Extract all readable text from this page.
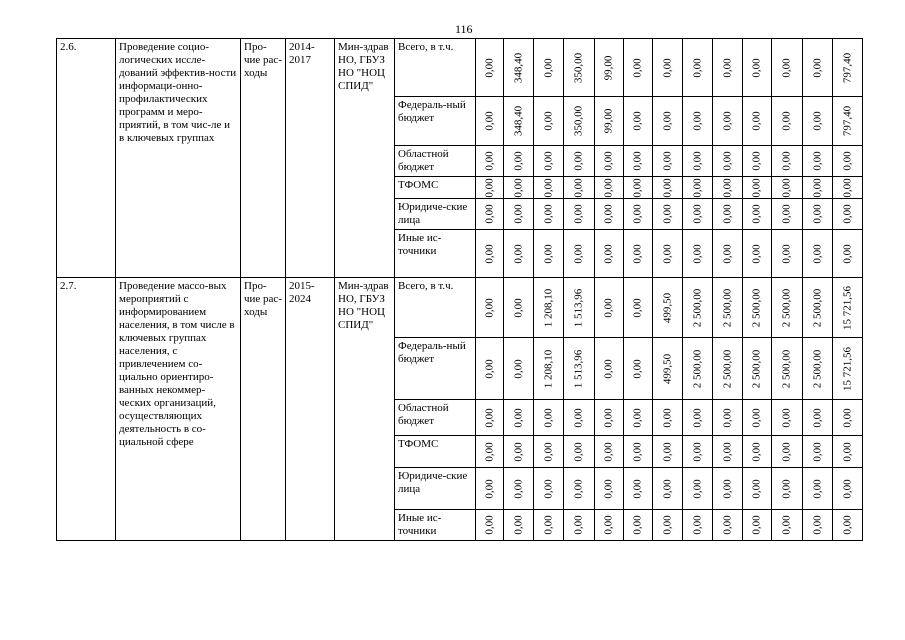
116
2.6.	Проведение социо-логических иссле-дований эффектив-ности информаци-онно-профилактических программ и меро-приятий, в том чис-ле и в ключевых группах	Про-чие рас-ходы	2014-2017	Мин-здрав НО, ГБУЗ НО "НОЦ СПИД"	Всего, в т.ч.	0,00	348,40	0,00	350,00	99,00	0,00	0,00	0,00	0,00	0,00	0,00	0,00	797,40

					Федераль-ный бюджет	0,00	348,40	0,00	350,00	99,00	0,00	0,00	0,00	0,00	0,00	0,00	0,00	797,40

					Областной бюджет	0,00	0,00	0,00	0,00	0,00	0,00	0,00	0,00	0,00	0,00	0,00	0,00	0,00

					ТФОМС	0,00	0,00	0,00	0,00	0,00	0,00	0,00	0,00	0,00	0,00	0,00	0,00	0,00

					Юридиче-ские лица	0,00	0,00	0,00	0,00	0,00	0,00	0,00	0,00	0,00	0,00	0,00	0,00	0,00

					Иные ис-точники	0,00	0,00	0,00	0,00	0,00	0,00	0,00	0,00	0,00	0,00	0,00	0,00	0,00

2.7.	Проведение массо-вых мероприятий с информированием населения, в том числе в ключевых группах населения, с привлечением со-циально ориентиро-ванных некоммер-ческих организаций, осуществляющих деятельность в со-циальной сфере	Про-чие рас-ходы	2015-2024	Мин-здрав НО, ГБУЗ НО "НОЦ СПИД"	Всего, в т.ч.	0,00	0,00	1 208,10	1 513,96	0,00	0,00	499,50	2 500,00	2 500,00	2 500,00	2 500,00	2 500,00	15 721,56

					Федераль-ный бюджет	0,00	0,00	1 208,10	1 513,96	0,00	0,00	499,50	2 500,00	2 500,00	2 500,00	2 500,00	2 500,00	15 721,56

					Областной бюджет	0,00	0,00	0,00	0,00	0,00	0,00	0,00	0,00	0,00	0,00	0,00	0,00	0,00

					ТФОМС	0,00	0,00	0,00	0,00	0,00	0,00	0,00	0,00	0,00	0,00	0,00	0,00	0,00

					Юридиче-ские лица	0,00	0,00	0,00	0,00	0,00	0,00	0,00	0,00	0,00	0,00	0,00	0,00	0,00

					Иные ис-точники	0,00	0,00	0,00	0,00	0,00	0,00	0,00	0,00	0,00	0,00	0,00	0,00	0,00
